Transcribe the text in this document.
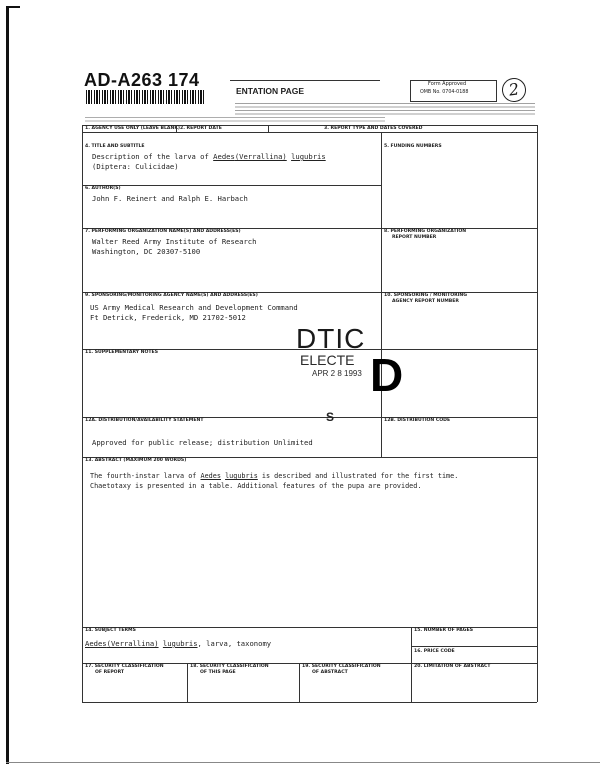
AD-A263 174
ENTATION PAGE
Form Approved
OMB No. 0704-0188	2
1. AGENCY USE ONLY (LEAVE BLANK) 2. REPORT DATE	3. REPORT TYPE AND DATES COVERED
4. TITLE AND SUBTITLE
Description of the larva of Aedes(Verrallina) lugubris
(Diptera: Culicidae)
5. FUNDING NUMBERS
6. AUTHOR(S)
John F. Reinert and Ralph E. Harbach
7. PERFORMING ORGANIZATION NAME(S) AND ADDRESS(ES)
Walter Reed Army Institute of Research
Washington, DC 20307-5100
8. PERFORMING ORGANIZATION
REPORT NUMBER
9. SPONSORING/MONITORING AGENCY NAME(S) AND ADDRESS(ES)
US Army Medical Research and Development Command
Ft Detrick, Frederick, MD 21702-5012
10. SPONSORING / MONITORING
AGENCY REPORT NUMBER
11. SUPPLEMENTARY NOTES
12A. DISTRIBUTION/AVAILABILITY STATEMENT
Approved for public release; distribution Unlimited
12B. DISTRIBUTION CODE
13. ABSTRACT (MAXIMUM 200 WORDS)
The fourth-instar larva of Aedes lugubris is described and illustrated for the first time.
Chaetotaxy is presented in a table. Additional features of the pupa are provided.
14. SUBJECT TERMS
Aedes(Verrallina) lugubris, larva, taxonomy
15. NUMBER OF PAGES
16. PRICE CODE
17. SECURITY CLASSIFICATION
OF REPORT
18. SECURITY CLASSIFICATION
OF THIS PAGE
19. SECURITY CLASSIFICATION
OF ABSTRACT
20. LIMITATION OF ABSTRACT
DTIC
ELECTE
APR 2 8 1993 D
S
